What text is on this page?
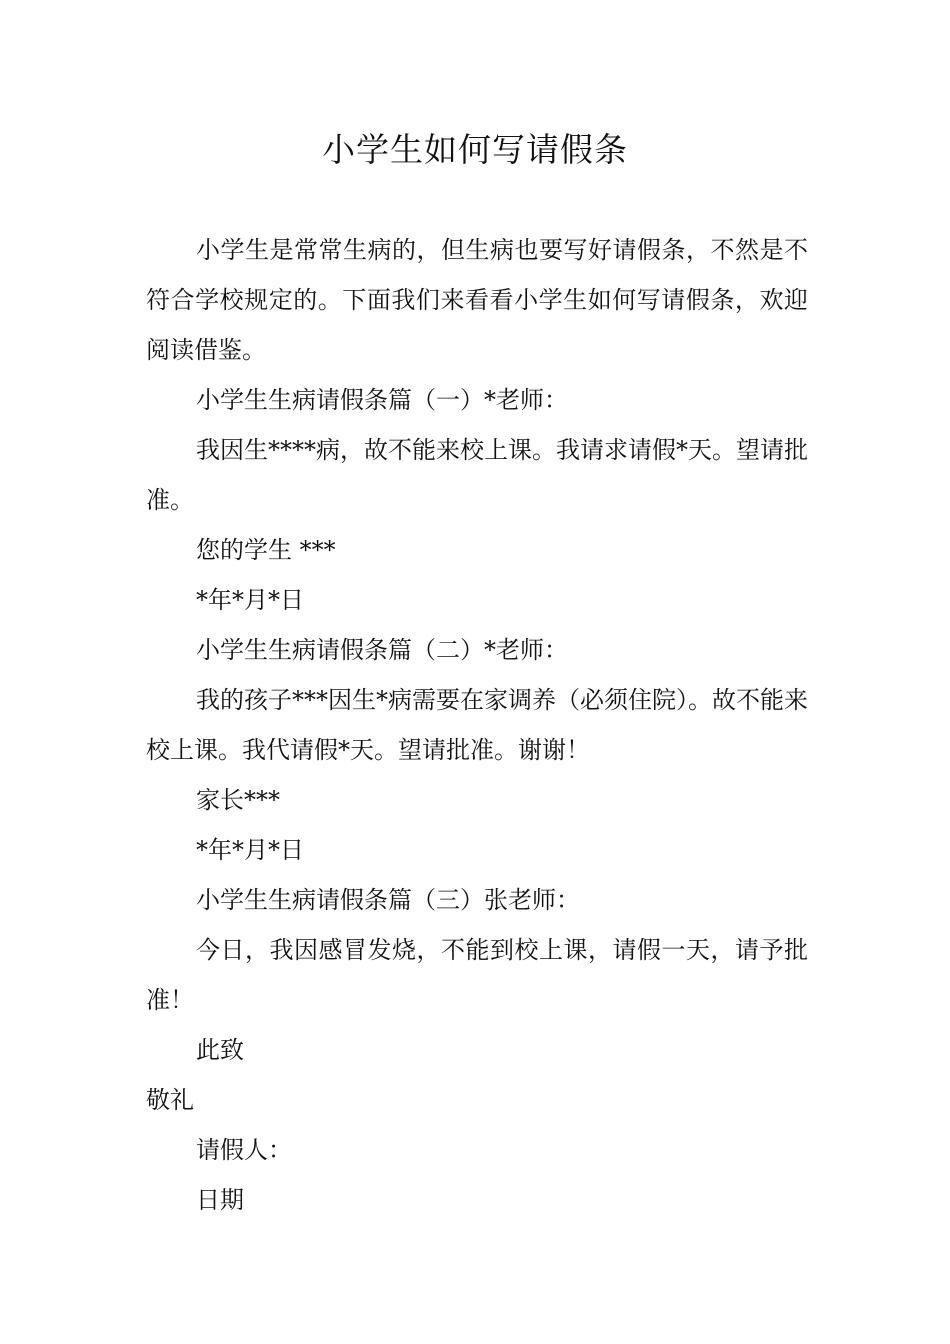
小学生如何写请假条

小学生是常常生病的，但生病也要写好请假条，不然是不符合学校规定的。下面我们来看看小学生如何写请假条，欢迎阅读借鉴。

小学生生病请假条篇（一）*老师：

我因生****病，故不能来校上课。我请求请假*天。望请批准。

您的学生 ***

*年*月*日

小学生生病请假条篇（二）*老师：

我的孩子***因生*病需要在家调养（必须住院）。故不能来校上课。我代请假*天。望请批准。谢谢！

家长***

*年*月*日

小学生生病请假条篇（三）张老师：

今日，我因感冒发烧，不能到校上课，请假一天，请予批准！

此致

敬礼

请假人：

日期
